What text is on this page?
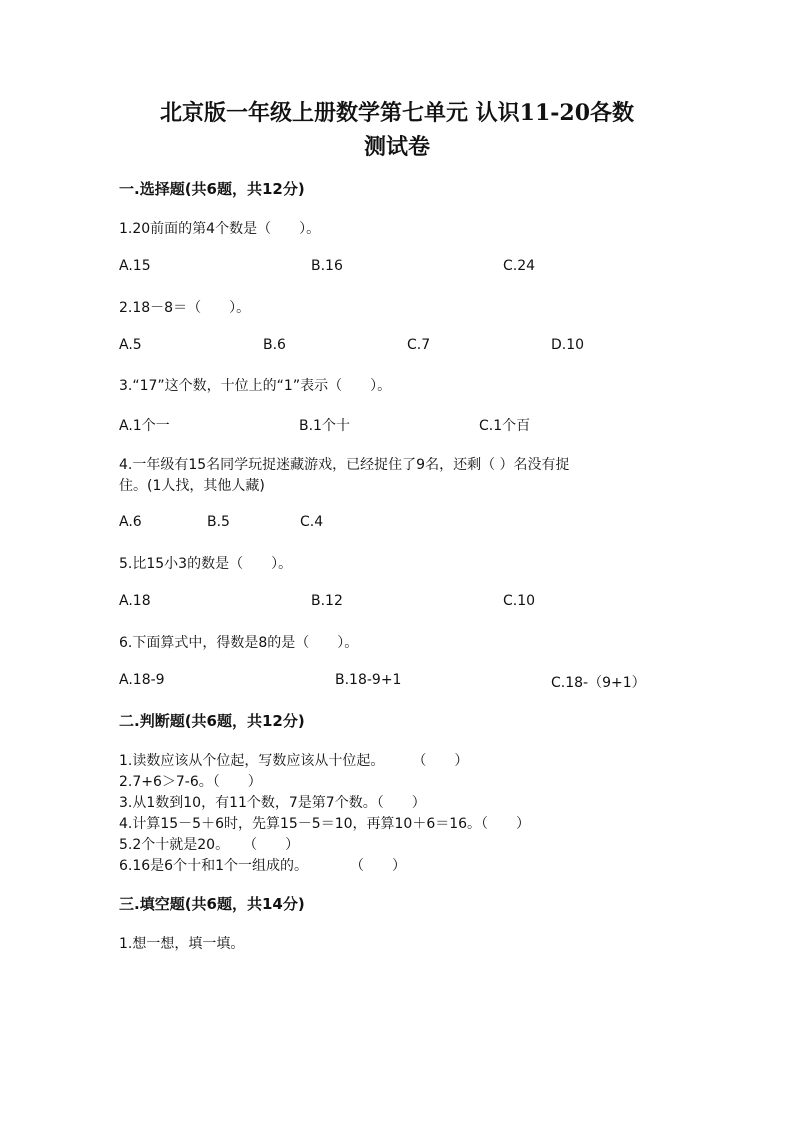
北京版一年级上册数学第七单元 认识11-20各数
测试卷
一.选择题(共6题，共12分)
1.20前面的第4个数是（　　）。
A.15	B.16	C.24
2.18－8＝（　　）。
A.5	B.6	C.7	D.10
3.“17”这个数，十位上的“1”表示（　　）。
A.1个一	B.1个十	C.1个百
4.一年级有15名同学玩捉迷藏游戏，已经捉住了9名，还剩（ ）名没有捉
住。(1人找，其他人藏)
A.6	B.5	C.4
5.比15小3的数是（　　）。
A.18	B.12	C.10
6.下面算式中，得数是8的是（　　）。
A.18-9	B.18-9+1	C.18-（9+1）
二.判断题(共6题，共12分)
1.读数应该从个位起，写数应该从十位起。　　　（　　）
2.7+6＞7-6。（　　）
3.从1数到10，有11个数，7是第7个数。（　　）
4.计算15－5＋6时，先算15－5＝10，再算10＋6＝16。（　　）
5.2个十就是20。　　（　　）
6.16是6个十和1个一组成的。　　　　（　　）
三.填空题(共6题，共14分)
1.想一想，填一填。
